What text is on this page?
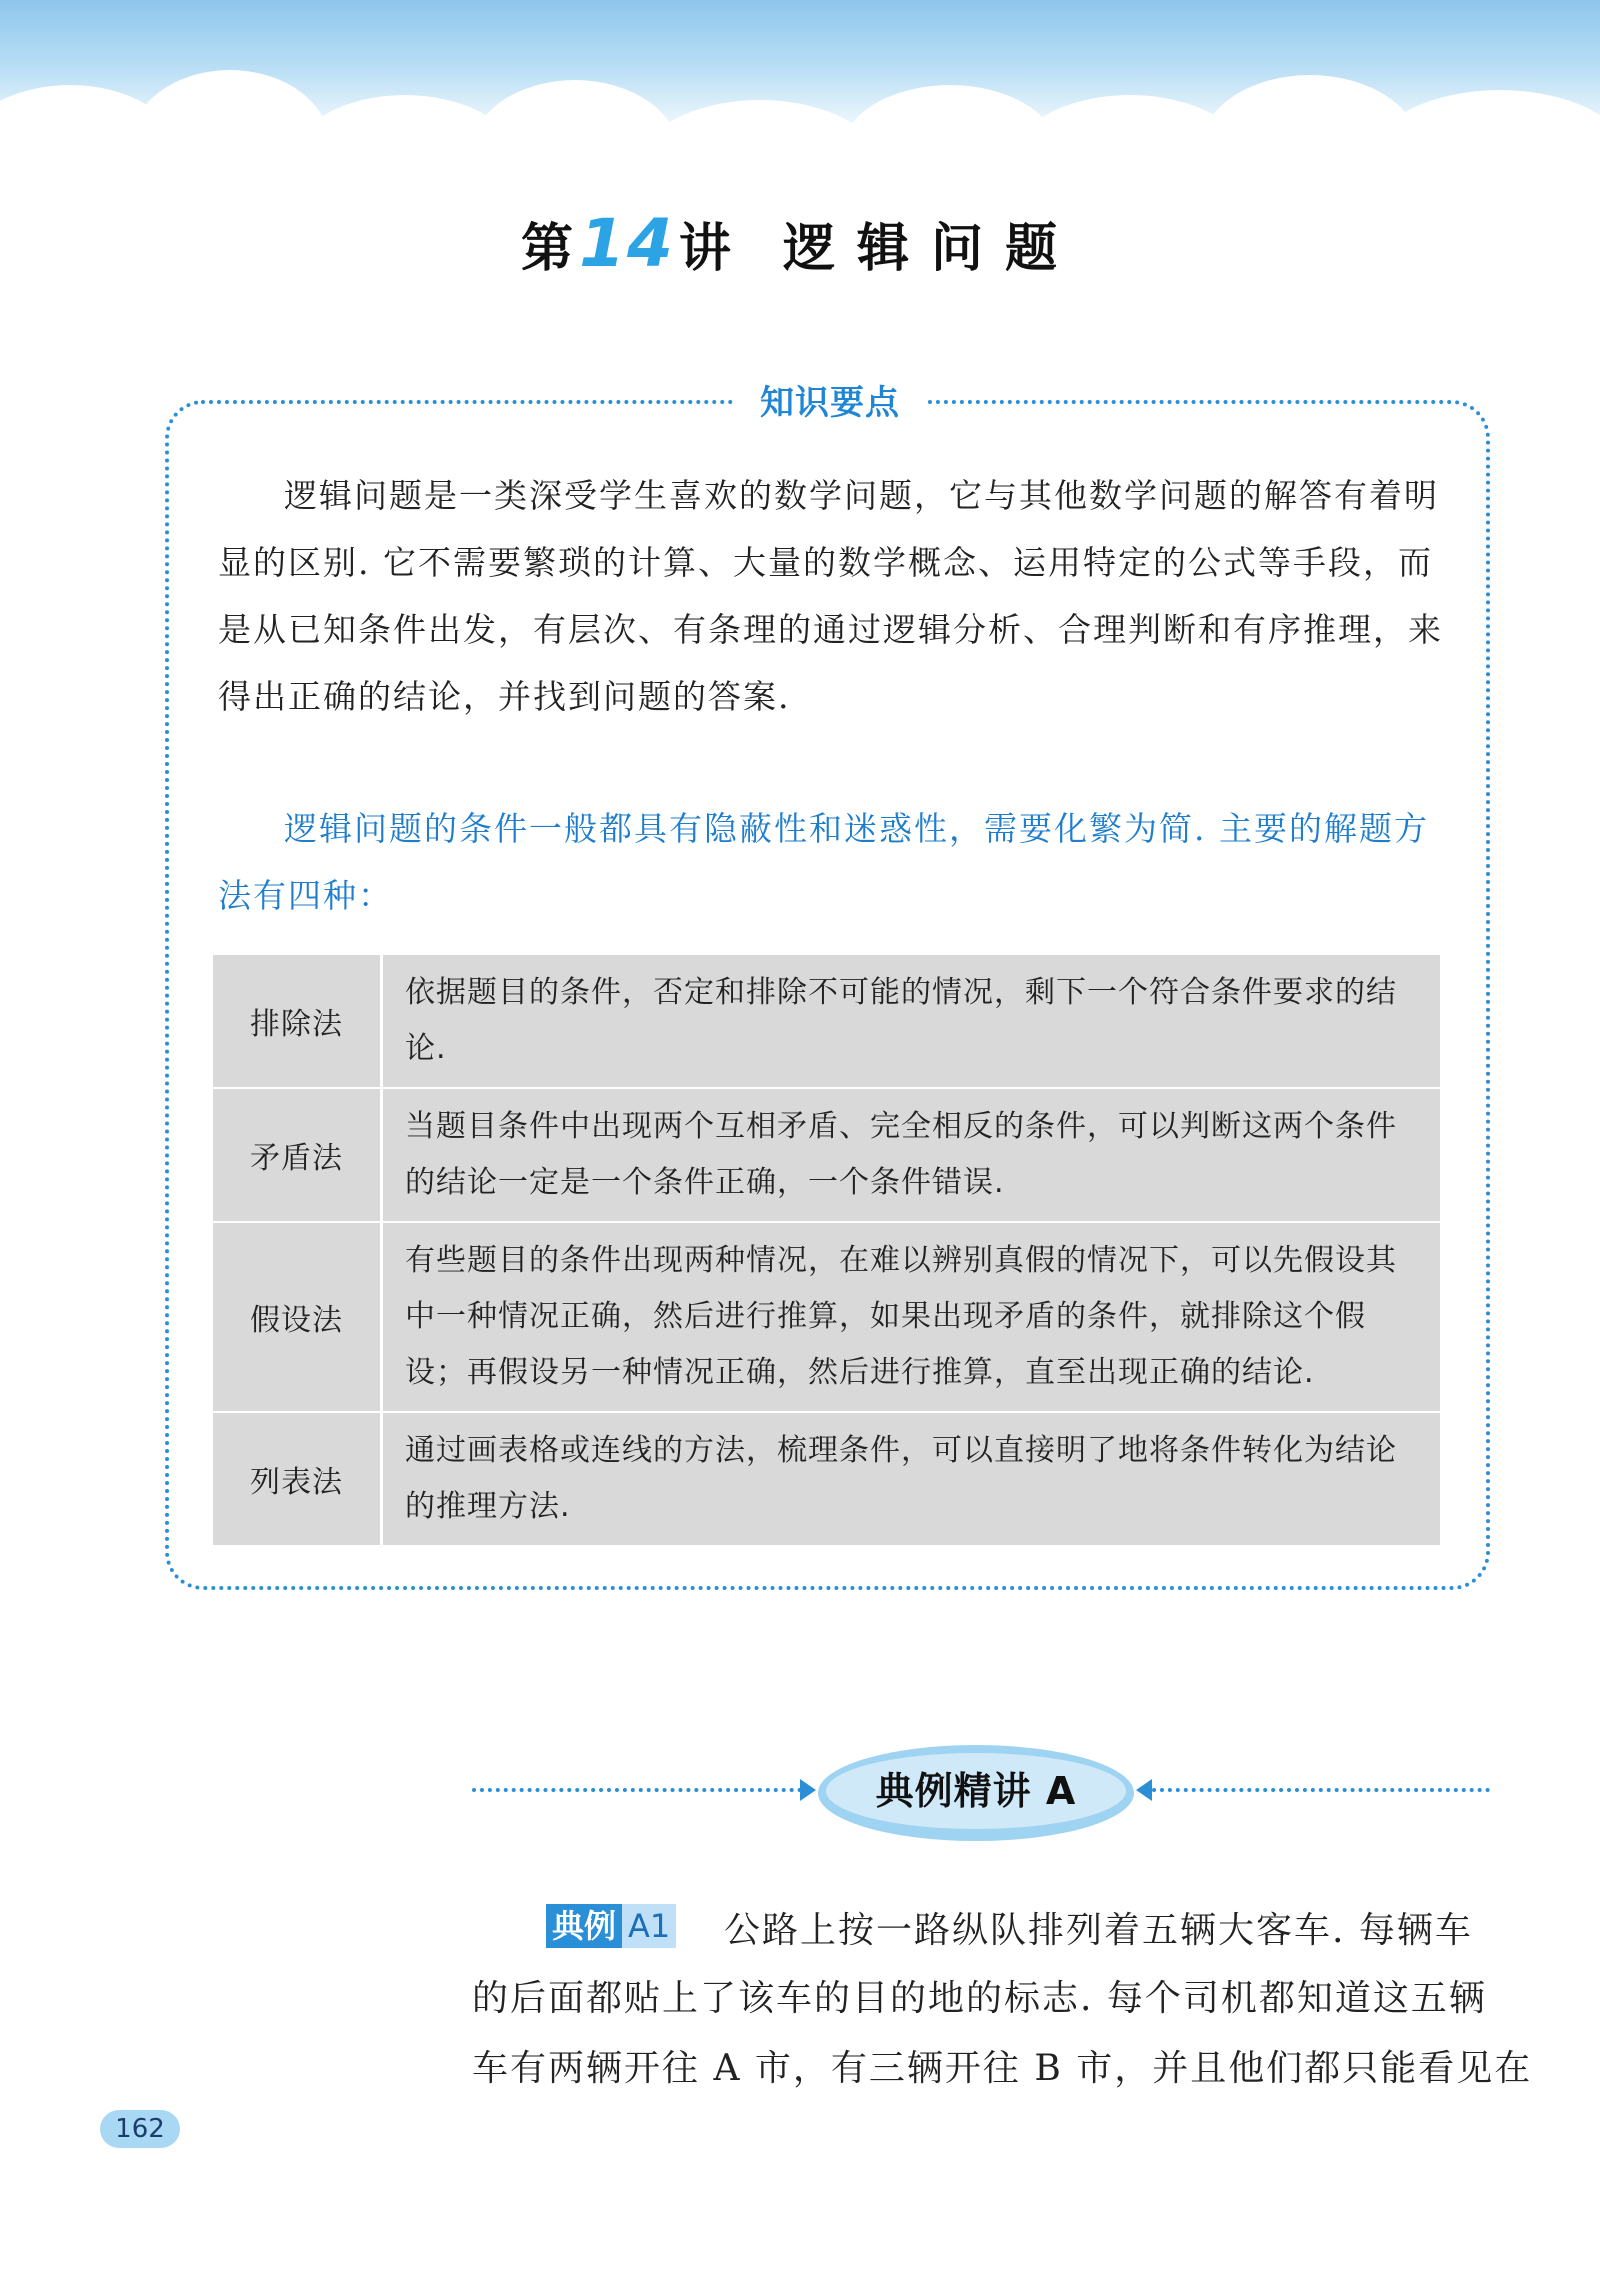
第14讲 逻辑问题
知识要点
逻辑问题是一类深受学生喜欢的数学问题，它与其他数学问题的解答有着明显的区别. 它不需要繁琐的计算、大量的数学概念、运用特定的公式等手段，而是从已知条件出发，有层次、有条理的通过逻辑分析、合理判断和有序推理，来得出正确的结论，并找到问题的答案.
逻辑问题的条件一般都具有隐蔽性和迷惑性，需要化繁为简. 主要的解题方法有四种：
排除法	依据题目的条件，否定和排除不可能的情况，剩下一个符合条件要求的结论.
矛盾法	当题目条件中出现两个互相矛盾、完全相反的条件，可以判断这两个条件的结论一定是一个条件正确，一个条件错误.
假设法	有些题目的条件出现两种情况，在难以辨别真假的情况下，可以先假设其中一种情况正确，然后进行推算，如果出现矛盾的条件，就排除这个假设；再假设另一种情况正确，然后进行推算，直至出现正确的结论.
列表法	通过画表格或连线的方法，梳理条件，可以直接明了地将条件转化为结论的推理方法.
典例精讲 A
典例 A1 公路上按一路纵队排列着五辆大客车. 每辆车
的后面都贴上了该车的目的地的标志. 每个司机都知道这五辆
车有两辆开往 A 市，有三辆开往 B 市，并且他们都只能看见在
162
